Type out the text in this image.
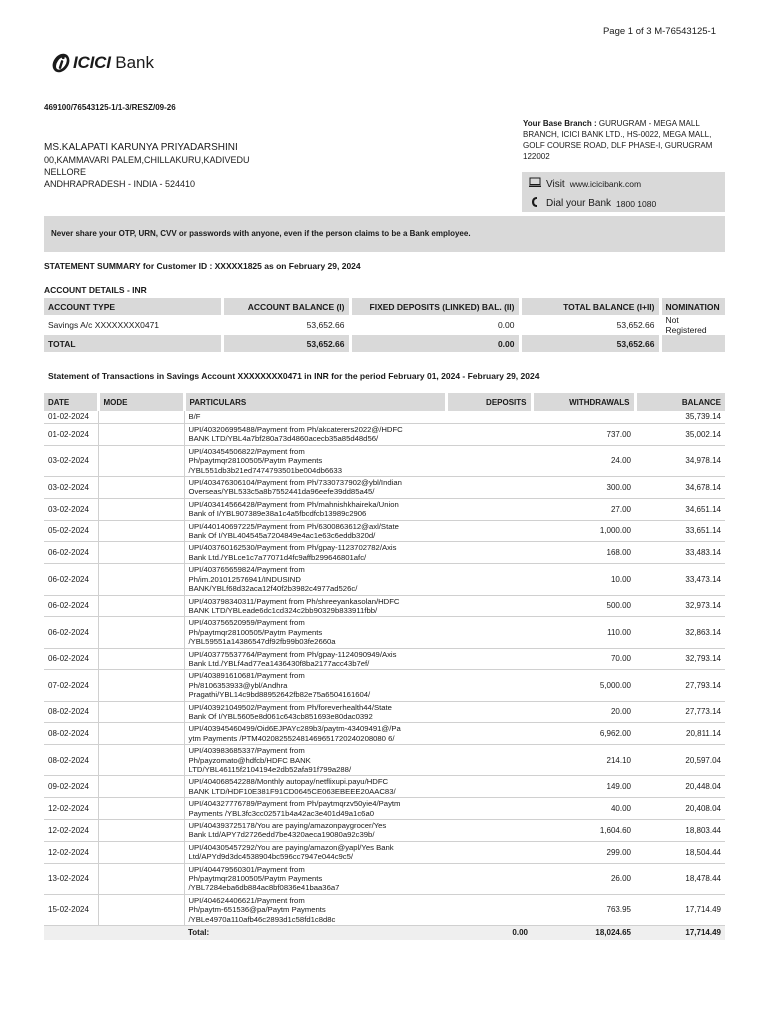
Page 1 of 3 M-76543125-1
ICICI Bank
469100/76543125-1/1-3/RESZ/09-26
Your Base Branch : GURUGRAM - MEGA MALL BRANCH, ICICI BANK LTD., HS-0022, MEGA MALL, GOLF COURSE ROAD, DLF PHASE-I, GURUGRAM 122002
MS.KALAPATI KARUNYA PRIYADARSHINI
00,KAMMAVARI PALEM,CHILLAKURU,KADIVEDU
NELLORE
ANDHRAPRADESH - INDIA - 524410	Visit www.icicibank.com
Dial your Bank 1800 1080
Never share your OTP, URN, CVV or passwords with anyone, even if the person claims to be a Bank employee.
STATEMENT SUMMARY for Customer ID : XXXXX1825 as on February 29, 2024
ACCOUNT DETAILS - INR
ACCOUNT TYPE	ACCOUNT BALANCE (I)	FIXED DEPOSITS (LINKED) BAL. (II)	TOTAL BALANCE (I+II)	NOMINATION
Savings A/c XXXXXXXX0471	53,652.66	0.00	53,652.66	Not Registered
TOTAL	53,652.66	0.00	53,652.66	
Statement of Transactions in Savings Account XXXXXXXX0471 in INR for the period February 01, 2024 - February 29, 2024
DATE	MODE	PARTICULARS	DEPOSITS	WITHDRAWALS	BALANCE
01-02-2024		B/F			35,739.14
01-02-2024		UPI/403206995488/Payment from Ph/akcaterers2022@/HDFC
BANK LTD/YBL4a7bf280a73d4860acecb35a85d48d56/		737.00	35,002.14
03-02-2024		UPI/403454506822/Payment from
Ph/paytmqr28100505/Paytm Payments
/YBL551db3b21ed7474793501be004db6633		24.00	34,978.14
03-02-2024		UPI/403476306104/Payment from Ph/7330737902@ybl/Indian
Overseas/YBL533c5a8b7552441da96eefe39dd85a45/		300.00	34,678.14
03-02-2024		UPI/403414566428/Payment from Ph/mahnishkhaireka/Union
Bank of I/YBL907389e38a1c4a5fbcdfcb13989c2906		27.00	34,651.14
05-02-2024		UPI/440140697225/Payment from Ph/6300863612@axl/State
Bank Of I/YBL404545a7204849e4ac1e63c6eddb320d/		1,000.00	33,651.14
06-02-2024		UPI/403760162530/Payment from Ph/gpay-1123702782/Axis
Bank Ltd./YBLce1c7a77071d4fc9affb299646801afc/		168.00	33,483.14
06-02-2024		UPI/403765659824/Payment from
Ph/im.201012576941/INDUSIND
BANK/YBLf68d32aca12f40f2b3982c4977ad526c/		10.00	33,473.14
06-02-2024		UPI/403798340311/Payment from Ph/shreeyankasolan/HDFC
BANK LTD/YBLeade6dc1cd324c2bb90329b833911fbb/		500.00	32,973.14
06-02-2024		UPI/403756520959/Payment from
Ph/paytmqr28100505/Paytm Payments
/YBL59551a14386547df92fb99b03fe2660a		110.00	32,863.14
06-02-2024		UPI/403775537764/Payment from Ph/gpay-1124090949/Axis
Bank Ltd./YBLf4ad77ea1436430f8ba2177acc43b7ef/		70.00	32,793.14
07-02-2024		UPI/403891610681/Payment from
Ph/8106353933@ybl/Andhra
Pragathi/YBL14c9bd88952642fb82e75a6504161604/		5,000.00	27,793.14
08-02-2024		UPI/403921049502/Payment from Ph/foreverhealth44/State
Bank Of I/YBL5605e8d061c643cb851693e80dac0392		20.00	27,773.14
08-02-2024		UPI/403945460499/Oid6EJPAYc289b3/paytm-43409491@/Pa
ytm Payments /PTM402082552481469651720240208080 6/		6,962.00	20,811.14
08-02-2024		UPI/403983685337/Payment from
Ph/payzomato@hdfcb/HDFC BANK
LTD/YBL46115f2104194e2db52afa91f799a288/		214.10	20,597.04
09-02-2024		UPI/404068542288/Monthly autopay/netflixupi.payu/HDFC
BANK LTD/HDF10E381F91CD0645CE063EBEEE20AAC83/		149.00	20,448.04
12-02-2024		UPI/404327776789/Payment from Ph/paytmqrzv50yie4/Paytm
Payments /YBL3fc3cc02571b4a42ac3e401d49a1c6a0		40.00	20,408.04
12-02-2024		UPI/404393725178/You are paying/amazonpaygrocer/Yes
Bank Ltd/APY7d2726edd7be4320aeca19080a92c39b/		1,604.60	18,803.44
12-02-2024		UPI/404305457292/You are paying/amazon@yapl/Yes Bank
Ltd/APYd9d3dc4538904bc596cc7947e044c9c5/		299.00	18,504.44
13-02-2024		UPI/404479560301/Payment from
Ph/paytmqr28100505/Paytm Payments
/YBL7284eba6db884ac8bf0836e41baa36a7		26.00	18,478.44
15-02-2024		UPI/404624406621/Payment from
Ph/paytm-651536@pa/Paytm Payments
/YBLe4970a110afb46c2893d1c58fd1c8d8c		763.95	17,714.49
		Total:	0.00	18,024.65	17,714.49
